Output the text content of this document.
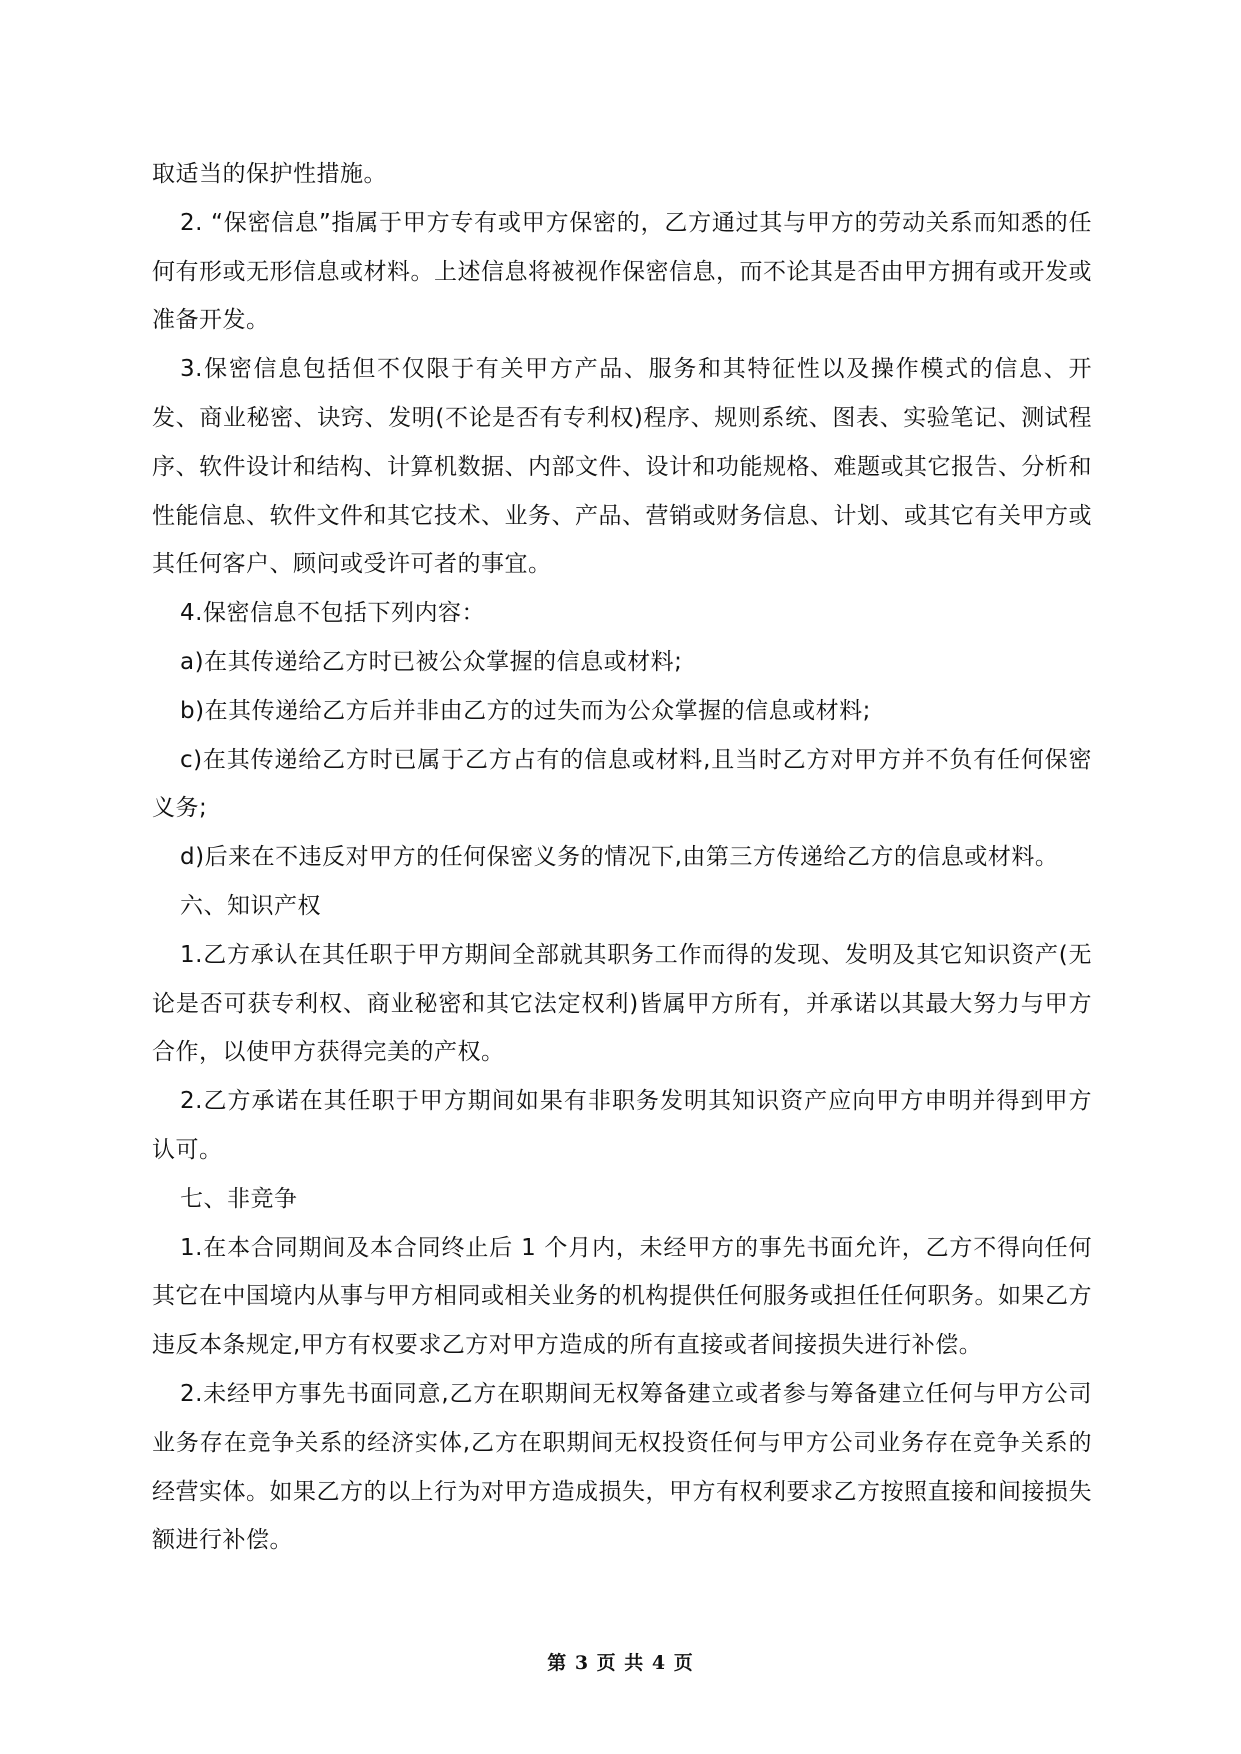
取适当的保护性措施。

2. “保密信息”指属于甲方专有或甲方保密的，乙方通过其与甲方的劳动关系而知悉的任何有形或无形信息或材料。上述信息将被视作保密信息，而不论其是否由甲方拥有或开发或准备开发。

3.保密信息包括但不仅限于有关甲方产品、服务和其特征性以及操作模式的信息、开发、商业秘密、诀窍、发明(不论是否有专利权)程序、规则系统、图表、实验笔记、测试程序、软件设计和结构、计算机数据、内部文件、设计和功能规格、难题或其它报告、分析和性能信息、软件文件和其它技术、业务、产品、营销或财务信息、计划、或其它有关甲方或其任何客户、顾问或受许可者的事宜。

4.保密信息不包括下列内容：

a)在其传递给乙方时已被公众掌握的信息或材料;

b)在其传递给乙方后并非由乙方的过失而为公众掌握的信息或材料;

c)在其传递给乙方时已属于乙方占有的信息或材料,且当时乙方对甲方并不负有任何保密义务;

d)后来在不违反对甲方的任何保密义务的情况下,由第三方传递给乙方的信息或材料。

六、知识产权

1.乙方承认在其任职于甲方期间全部就其职务工作而得的发现、发明及其它知识资产(无论是否可获专利权、商业秘密和其它法定权利)皆属甲方所有，并承诺以其最大努力与甲方合作，以使甲方获得完美的产权。

2.乙方承诺在其任职于甲方期间如果有非职务发明其知识资产应向甲方申明并得到甲方认可。

七、非竞争

1.在本合同期间及本合同终止后 1 个月内，未经甲方的事先书面允许，乙方不得向任何其它在中国境内从事与甲方相同或相关业务的机构提供任何服务或担任任何职务。如果乙方违反本条规定,甲方有权要求乙方对甲方造成的所有直接或者间接损失进行补偿。

2.未经甲方事先书面同意,乙方在职期间无权筹备建立或者参与筹备建立任何与甲方公司业务存在竞争关系的经济实体,乙方在职期间无权投资任何与甲方公司业务存在竞争关系的经营实体。如果乙方的以上行为对甲方造成损失，甲方有权利要求乙方按照直接和间接损失额进行补偿。

第 3 页 共 4 页
